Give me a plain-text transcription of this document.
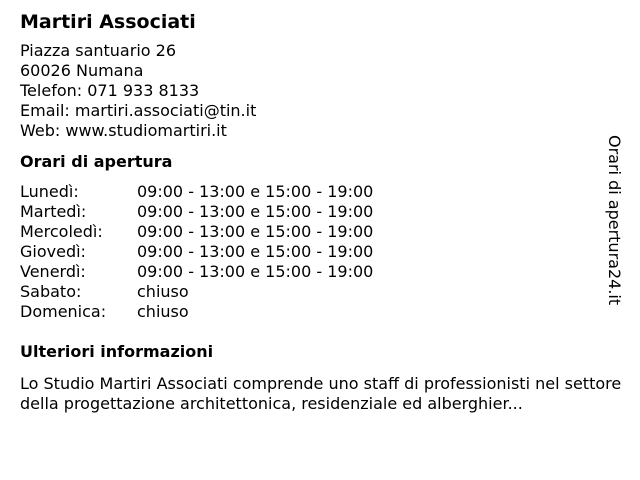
Martiri Associati
Piazza santuario 26
60026 Numana
Telefon: 071 933 8133
Email: martiri.associati@tin.it
Web: www.studiomartiri.it
Orari di apertura
Lunedì:	09:00 - 13:00 e 15:00 - 19:00
Martedì:	09:00 - 13:00 e 15:00 - 19:00
Mercoledì:	09:00 - 13:00 e 15:00 - 19:00
Giovedì:	09:00 - 13:00 e 15:00 - 19:00
Venerdì:	09:00 - 13:00 e 15:00 - 19:00
Sabato:	chiuso
Domenica:	chiuso
Ulteriori informazioni
Lo Studio Martiri Associati comprende uno staff di professionisti nel settore della progettazione architettonica, residenziale ed alberghier...
Orari di apertura24.it
